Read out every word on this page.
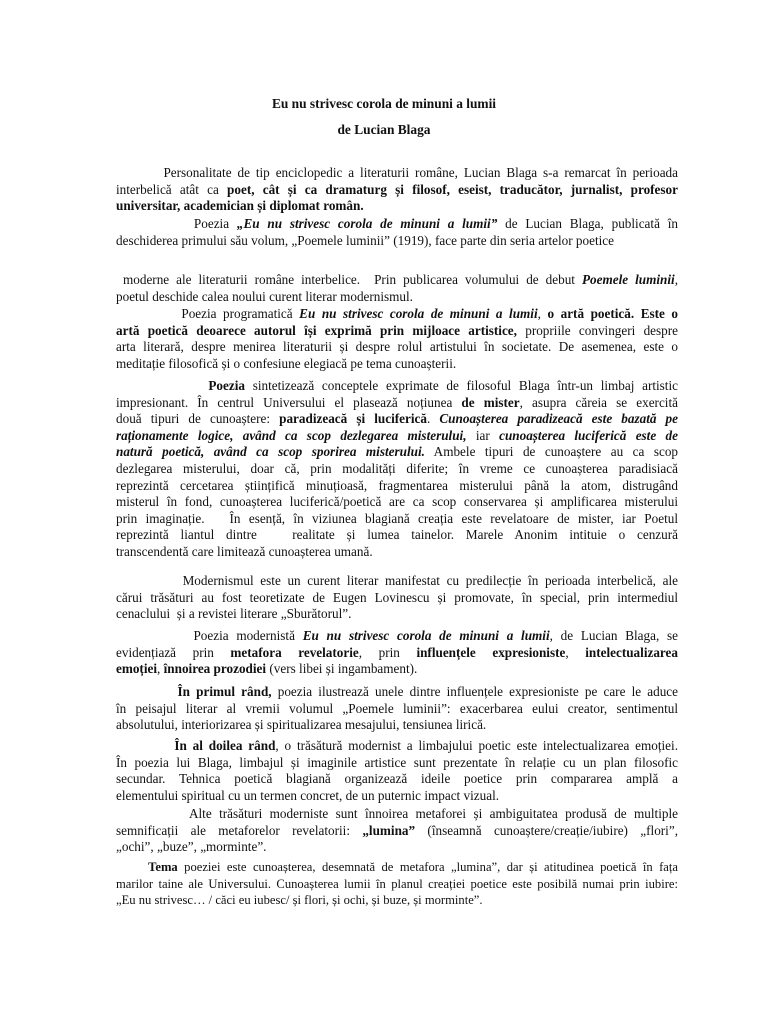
Eu nu strivesc corola de minuni a lumii
de Lucian Blaga
Personalitate de tip enciclopedic a literaturii române, Lucian Blaga s-a remarcat în perioada
interbelică atât ca poet, cât și ca dramaturg și filosof, eseist, traducător, jurnalist, profesor
universitar, academician și diplomat român.
Poezia „Eu nu strivesc corola de minuni a lumii” de Lucian Blaga, publicată în
deschiderea primului său volum, „Poemele luminii” (1919), face parte din seria artelor poetice
moderne ale literaturii române interbelice.  Prin publicarea volumului de debut Poemele luminii,
poetul deschide calea noului curent literar modernismul.
Poezia programatică Eu nu strivesc corola de minuni a lumii, o artă poetică. Este o
artă poetică deoarece autorul își exprimă prin mijloace artistice, propriile convingeri despre
arta literară, despre menirea literaturii și despre rolul artistului în societate. De asemenea, este o
meditație filosofică și o confesiune elegiacă pe tema cunoașterii.
Poezia sintetizează conceptele exprimate de filosoful Blaga într-un limbaj artistic
impresionant. În centrul Universului el plasează noțiunea de mister, asupra căreia se exercită
două tipuri de cunoaștere: paradizeacă și luciferică. Cunoașterea paradizeacă este bazată pe
raționamente logice, având ca scop dezlegarea misterului, iar cunoașterea luciferică este de
natură poetică, având ca scop sporirea misterului. Ambele tipuri de cunoaștere au ca scop
dezlegarea misterului, doar că, prin modalități diferite; în vreme ce cunoașterea paradisiacă
reprezintă cercetarea științifică minuțioasă, fragmentarea misterului până la atom, distrugând
misterul în fond, cunoașterea luciferică/poetică are ca scop conservarea și amplificarea misterului
prin imaginație.   În esență, în viziunea blagiană creația este revelatoare de mister, iar Poetul
reprezintă liantul dintre   realitate și lumea tainelor. Marele Anonim intituie o cenzură
transcendentă care limitează cunoașterea umană.
Modernismul este un curent literar manifestat cu predilecție în perioada interbelică, ale
cărui trăsături au fost teoretizate de Eugen Lovinescu și promovate, în special, prin intermediul
cenaclului  și a revistei literare „Sburătorul”.
Poezia modernistă Eu nu strivesc corola de minuni a lumii, de Lucian Blaga, se
evidențiază prin metafora revelatorie, prin influențele expresioniste, intelectualizarea
emoției, înnoirea prozodiei (vers libei și ingambament).
În primul rând, poezia ilustrează unele dintre influențele expresioniste pe care le aduce
în peisajul literar al vremii volumul „Poemele luminii”: exacerbarea eului creator, sentimentul
absolutului, interiorizarea și spiritualizarea mesajului, tensiunea lirică.
În al doilea rând, o trăsătură modernist a limbajului poetic este intelectualizarea emoției.
În poezia lui Blaga, limbajul și imaginile artistice sunt prezentate în relație cu un plan filosofic
secundar. Tehnica poetică blagiană organizează ideile poetice prin compararea amplă a
elementului spiritual cu un termen concret, de un puternic impact vizual.
Alte trăsături moderniste sunt înnoirea metaforei și ambiguitatea produsă de multiple
semnificații ale metaforelor revelatorii: „lumina” (înseamnă cunoaștere/creație/iubire) „flori”,
„ochi”, „buze”, „morminte”.
Tema poeziei este cunoașterea, desemnată de metafora „lumina”, dar și atitudinea poetică în fața
marilor taine ale Universului. Cunoașterea lumii în planul creației poetice este posibilă numai prin iubire:
„Eu nu strivesc… / căci eu iubesc/ și flori, și ochi, și buze, și morminte”.
